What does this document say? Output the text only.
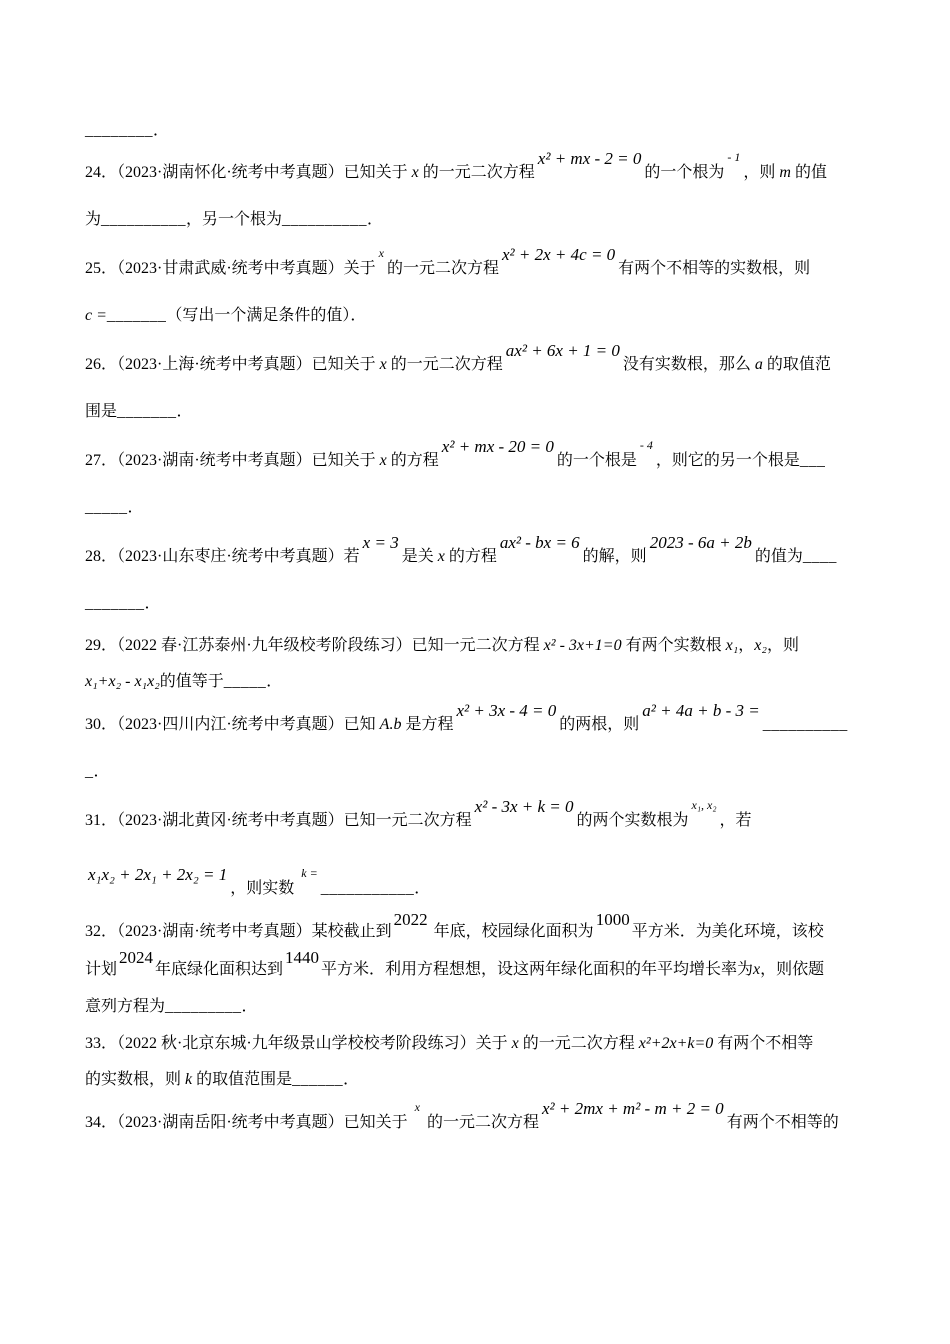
________．

24．（2023·湖南怀化·统考中考真题）已知关于 x 的一元二次方程x² + mx - 2 = 0的一个根为$^{- 1}$，则 m 的值
为__________，另一个根为__________．

25．（2023·甘肃武威·统考中考真题）关于$^x$的一元二次方程x² + 2x + 4c = 0有两个不相等的实数根，则
c =_______（写出一个满足条件的值）．

26．（2023·上海·统考中考真题）已知关于 x 的一元二次方程ax² + 6x + 1 = 0没有实数根，那么 a 的取值范
围是_______．

27．（2023·湖南·统考中考真题）已知关于 x 的方程x² + mx - 20 = 0的一个根是$^{- 4}$，则它的另一个根是___
_____．

28．（2023·山东枣庄·统考中考真题）若x = 3是关 x 的方程ax² - bx = 6的解，则2023 - 6a + 2b的值为____
_______．

29．（2022 春·江苏泰州·九年级校考阶段练习）已知一元二次方程 x² - 3x+1=0 有两个实数根 x₁，x₂，则
x₁+x₂ - x₁x₂的值等于_____．

30．（2023·四川内江·统考中考真题）已知 A.b 是方程x² + 3x - 4 = 0的两根，则a² + 4a + b - 3 =__________
_．

31．（2023·湖北黄冈·统考中考真题）已知一元二次方程x² - 3x + k = 0的两个实数根为$^{x_1, x_2}$，若
x₁x₂ + 2x₁ + 2x₂ = 1，则实数 $^{k =}$___________．

32．（2023·湖南·统考中考真题）某校截止到2022 年底，校园绿化面积为1000平方米．为美化环境，该校
计划2024年底绿化面积达到1440平方米．利用方程想想，设这两年绿化面积的年平均增长率为x，则依题
意列方程为_________．

33．（2022 秋·北京东城·九年级景山学校校考阶段练习）关于 x 的一元二次方程 x²+2x+k=0 有两个不相等
的实数根，则 k 的取值范围是______．

34．（2023·湖南岳阳·统考中考真题）已知关于 $^x$ 的一元二次方程x² + 2mx + m² - m + 2 = 0有两个不相等的
